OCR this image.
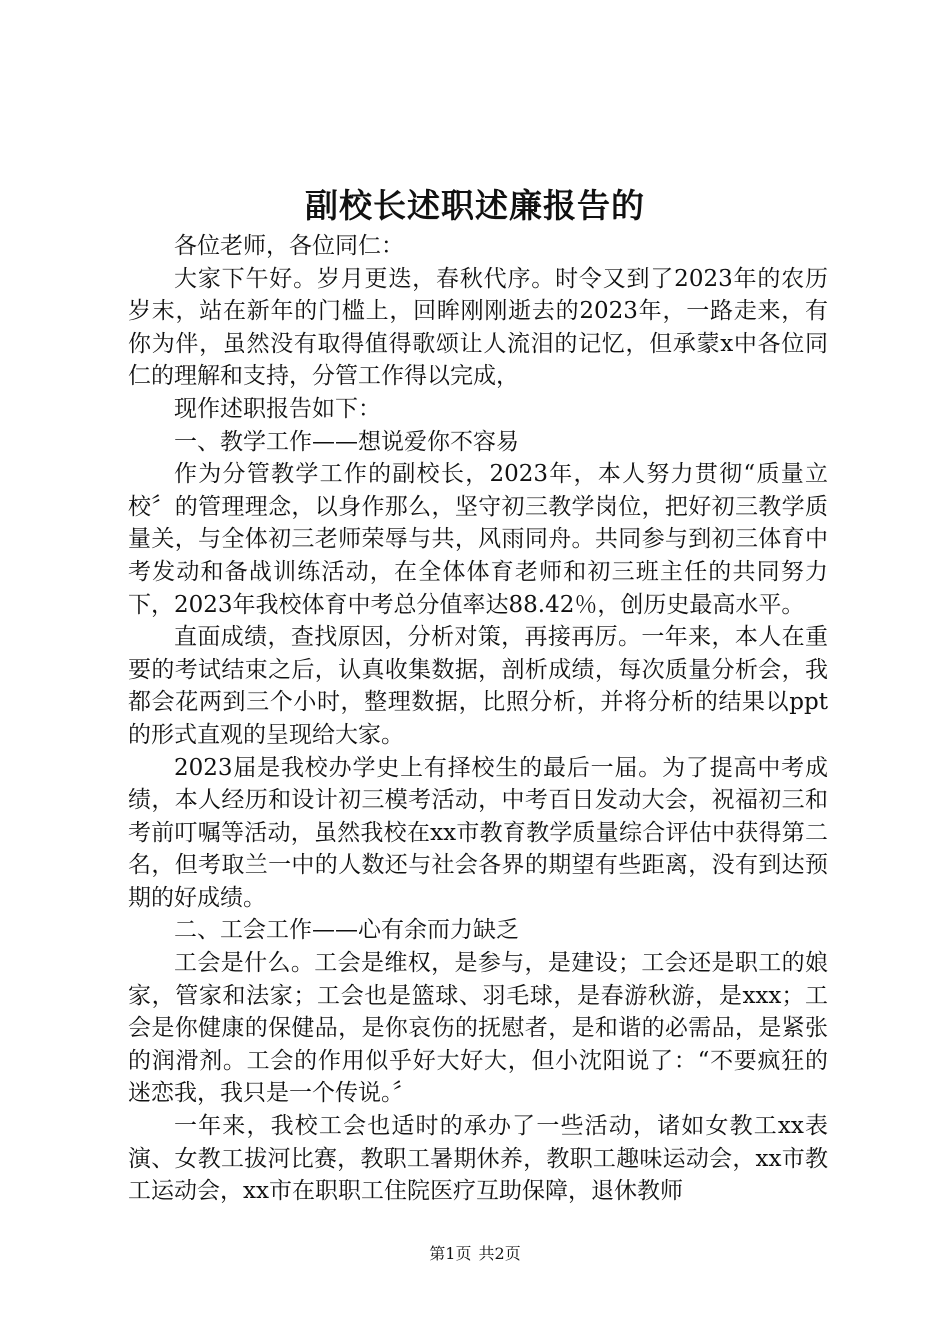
副校长述职述廉报告的

各位老师，各位同仁：

大家下午好。岁月更迭，春秋代序。时令又到了2023年的农历岁末，站在新年的门槛上，回眸刚刚逝去的2023年，一路走来，有你为伴，虽然没有取得值得歌颂让人流泪的记忆，但承蒙x中各位同仁的理解和支持，分管工作得以完成，

现作述职报告如下：

一、教学工作——想说爱你不容易

作为分管教学工作的副校长，2023年，本人努力贯彻“质量立校〞的管理理念，以身作那么，坚守初三教学岗位，把好初三教学质量关，与全体初三老师荣辱与共，风雨同舟。共同参与到初三体育中考发动和备战训练活动，在全体体育老师和初三班主任的共同努力下，2023年我校体育中考总分值率达88.42％，创历史最高水平。

直面成绩，查找原因，分析对策，再接再厉。一年来，本人在重要的考试结束之后，认真收集数据，剖析成绩，每次质量分析会，我都会花两到三个小时，整理数据，比照分析，并将分析的结果以ppt的形式直观的呈现给大家。

2023届是我校办学史上有择校生的最后一届。为了提高中考成绩，本人经历和设计初三模考活动，中考百日发动大会，祝福初三和考前叮嘱等活动，虽然我校在xx市教育教学质量综合评估中获得第二名，但考取兰一中的人数还与社会各界的期望有些距离，没有到达预期的好成绩。

二、工会工作——心有余而力缺乏

工会是什么。工会是维权，是参与，是建设；工会还是职工的娘家，管家和法家；工会也是篮球、羽毛球，是春游秋游，是xxx；工会是你健康的保健品，是你哀伤的抚慰者，是和谐的必需品，是紧张的润滑剂。工会的作用似乎好大好大，但小沈阳说了：“不要疯狂的迷恋我，我只是一个传说。〞

一年来，我校工会也适时的承办了一些活动，诸如女教工xx表演、女教工拔河比赛，教职工暑期休养，教职工趣味运动会，xx市教工运动会，xx市在职职工住院医疗互助保障，退休教师

第1页 共2页
